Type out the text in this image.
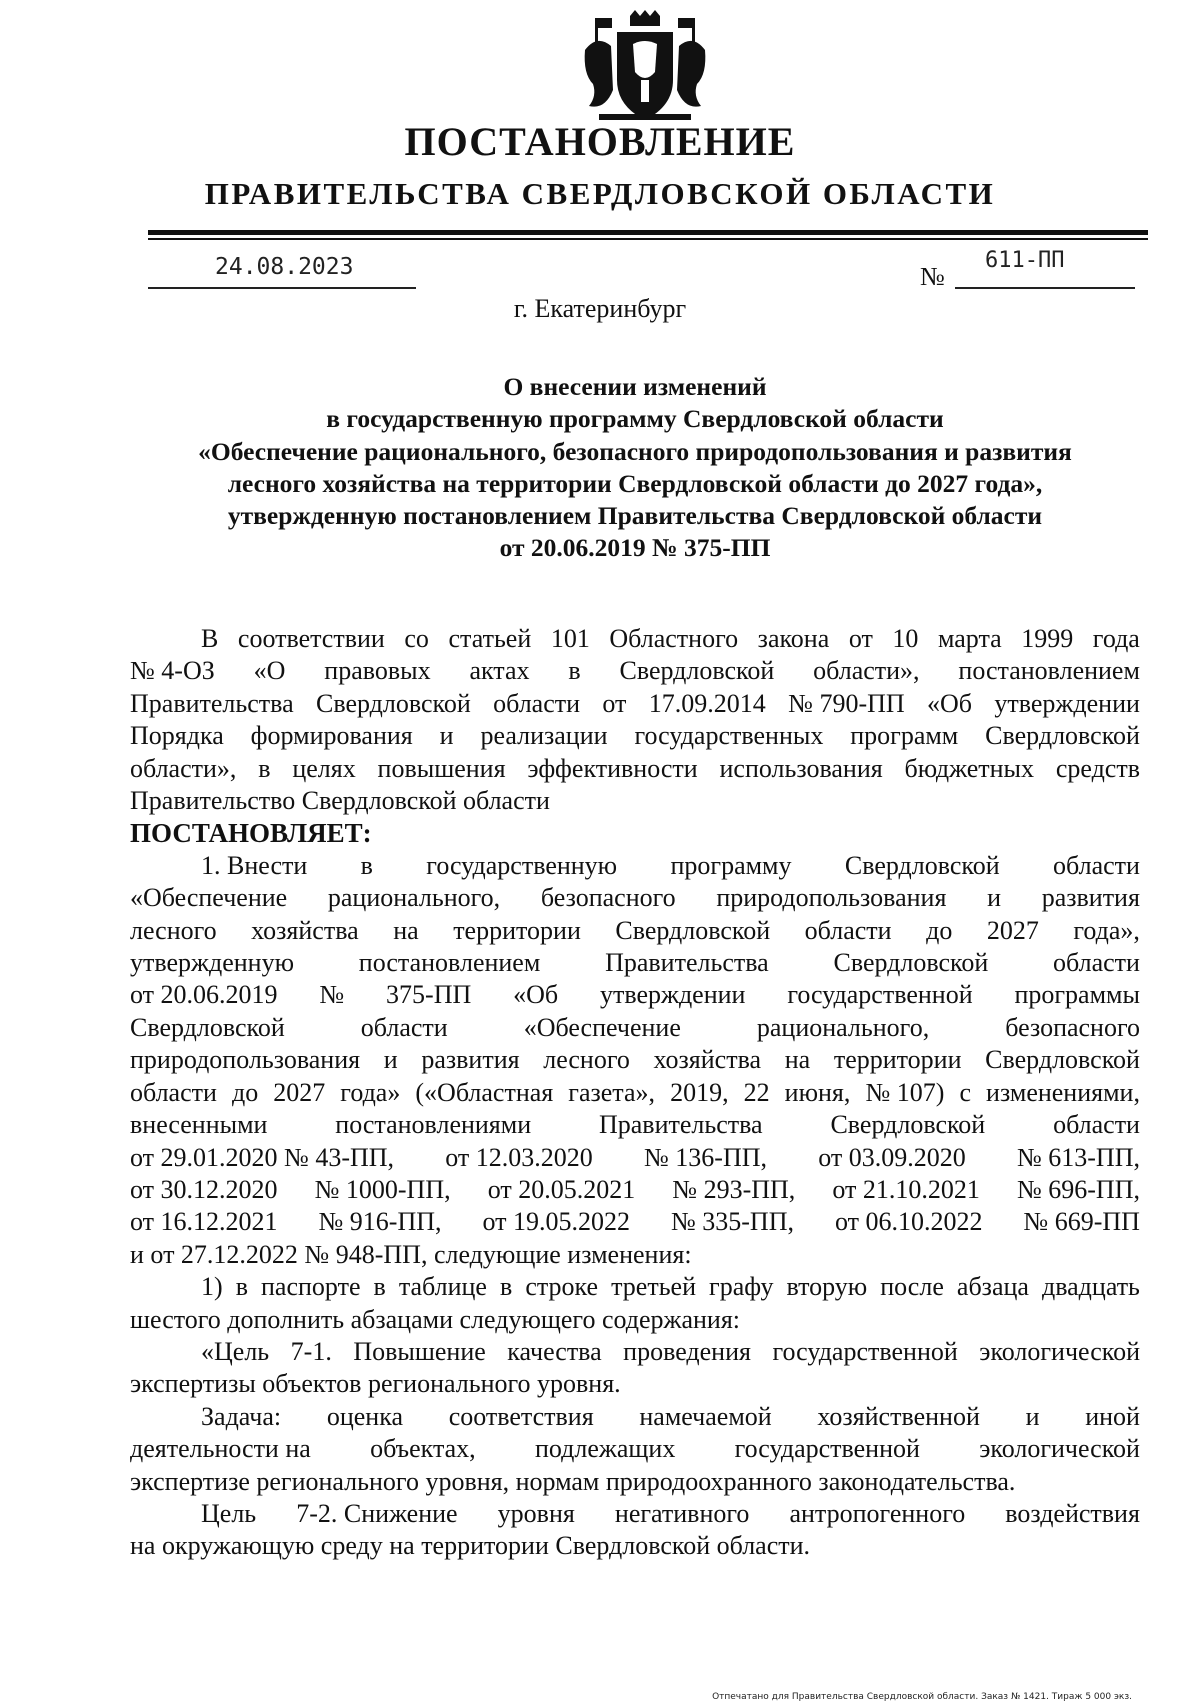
ПОСТАНОВЛЕНИЕ
ПРАВИТЕЛЬСТВА СВЕРДЛОВСКОЙ ОБЛАСТИ
24.08.2023	№
611-ПП
г. Екатеринбург
О внесении изменений
в государственную программу Свердловской области
«Обеспечение рационального, безопасного природопользования и развития
лесного хозяйства на территории Свердловской области до 2027 года»,
утвержденную постановлением Правительства Свердловской области
от 20.06.2019 № 375-ПП
В соответствии со статьей 101 Областного закона от 10 марта 1999 года
№ 4-ОЗ «О правовых актах в Свердловской области», постановлением
Правительства Свердловской области от 17.09.2014 № 790-ПП «Об утверждении
Порядка формирования и реализации государственных программ Свердловской
области», в целях повышения эффективности использования бюджетных средств
Правительство Свердловской области
ПОСТАНОВЛЯЕТ:
1. Внести в государственную программу Свердловской области
«Обеспечение рационального, безопасного природопользования и развития
лесного хозяйства на территории Свердловской области до 2027 года»,
утвержденную постановлением Правительства Свердловской области
от 20.06.2019 № 375-ПП «Об утверждении государственной программы
Свердловской	области	«Обеспечение	рационального,	безопасного
природопользования и развития лесного хозяйства на территории Свердловской
области до 2027 года» («Областная газета», 2019, 22 июня, № 107) с изменениями,
внесенными	постановлениями	Правительства	Свердловской	области
от 29.01.2020 № 43-ПП, от 12.03.2020 № 136-ПП, от 03.09.2020 № 613-ПП,
от 30.12.2020 № 1000-ПП, от 20.05.2021 № 293-ПП, от 21.10.2021 № 696-ПП,
от 16.12.2021 № 916-ПП, от 19.05.2022 № 335-ПП, от 06.10.2022 № 669-ПП
и от 27.12.2022 № 948-ПП, следующие изменения:
1) в паспорте в таблице в строке третьей графу вторую после абзаца двадцать
шестого дополнить абзацами следующего содержания:
«Цель 7-1. Повышение качества проведения государственной экологической
экспертизы объектов регионального уровня.
Задача: оценка соответствия намечаемой хозяйственной и иной
деятельности на объектах, подлежащих государственной экологической
экспертизе регионального уровня, нормам природоохранного законодательства.
Цель 7-2. Снижение уровня негативного антропогенного воздействия
на окружающую среду на территории Свердловской области.
Отпечатано для Правительства Свердловской области. Заказ № 1421. Тираж 5 000 экз.
